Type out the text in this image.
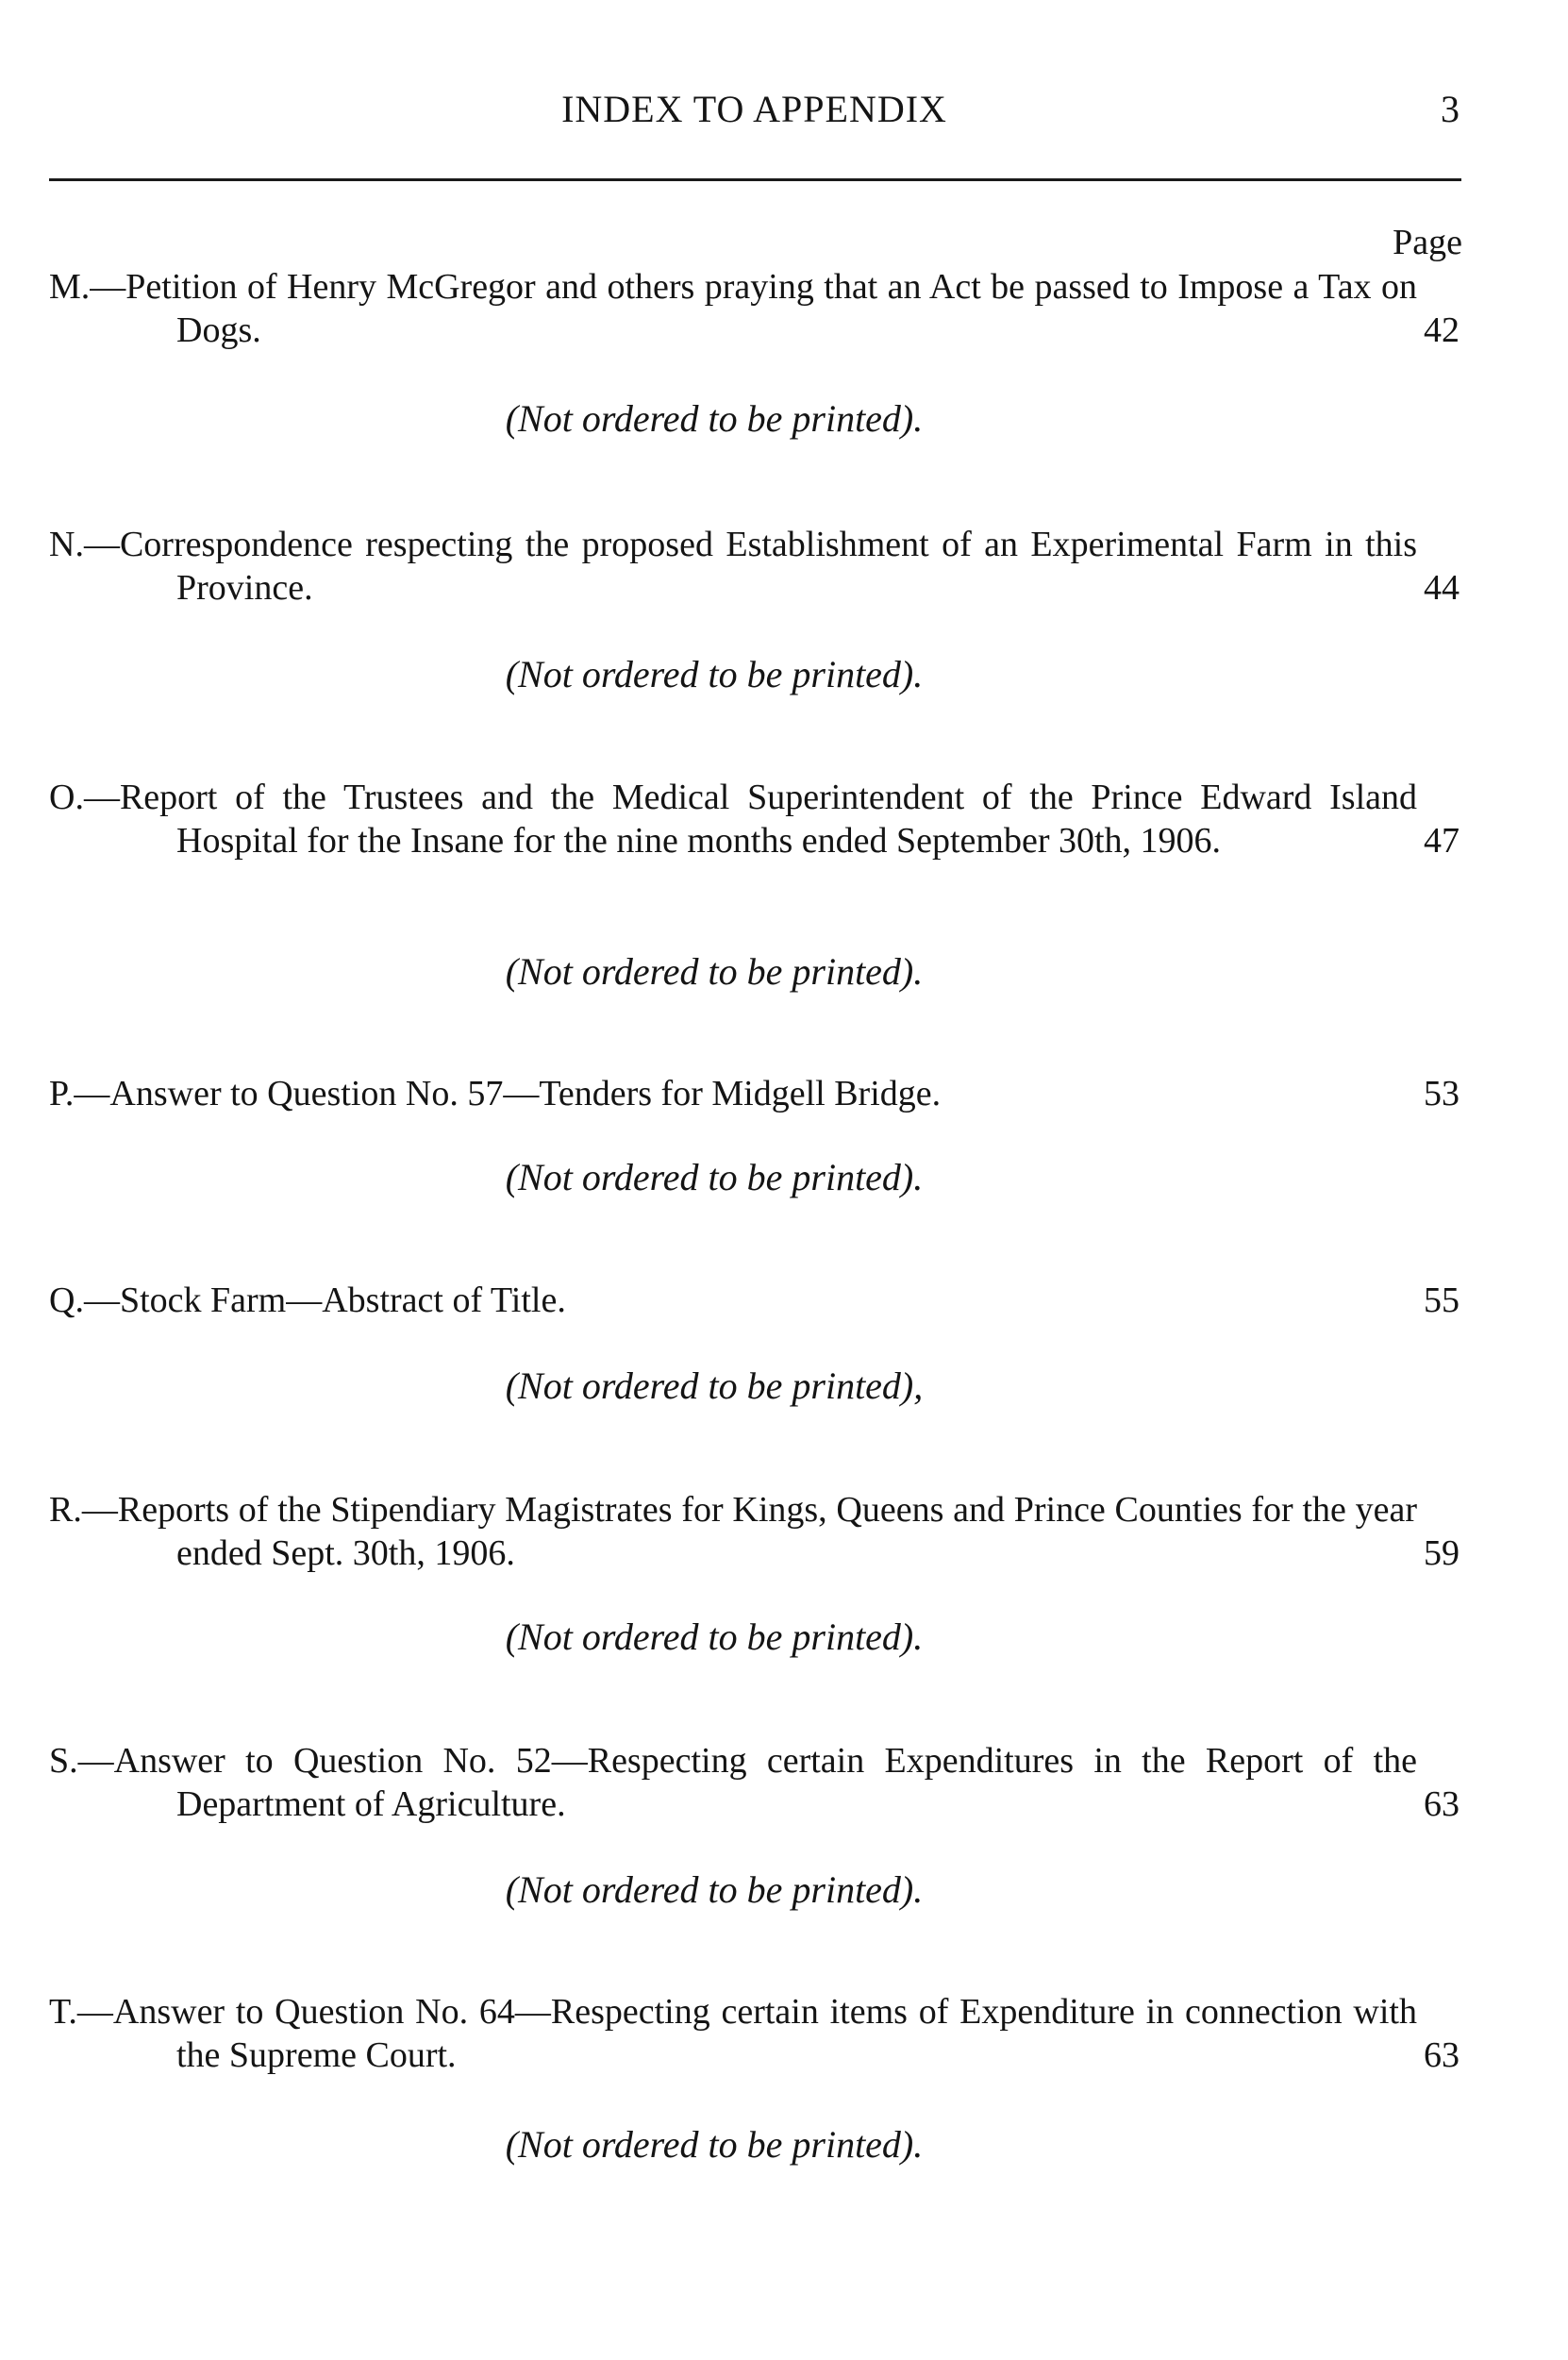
INDEX TO APPENDIX	3
Page
M.—Petition of Henry McGregor and others praying that an Act be passed to Impose a Tax on Dogs.	42
(Not ordered to be printed).
N.—Correspondence respecting the proposed Establishment of an Experimental Farm in this Province.	44
(Not ordered to be printed).
O.—Report of the Trustees and the Medical Superintendent of the Prince Edward Island Hospital for the Insane for the nine months ended September 30th, 1906.	47
(Not ordered to be printed).
P.—Answer to Question No. 57—Tenders for Midgell Bridge.	53
(Not ordered to be printed).
Q.—Stock Farm—Abstract of Title.	55
(Not ordered to be printed),
R.—Reports of the Stipendiary Magistrates for Kings, Queens and Prince Counties for the year ended Sept. 30th, 1906.	59
(Not ordered to be printed).
S.—Answer to Question No. 52—Respecting certain Expenditures in the Report of the Department of Agriculture.	63
(Not ordered to be printed).
T.—Answer to Question No. 64—Respecting certain items of Expenditure in connection with the Supreme Court.	63
(Not ordered to be printed).
